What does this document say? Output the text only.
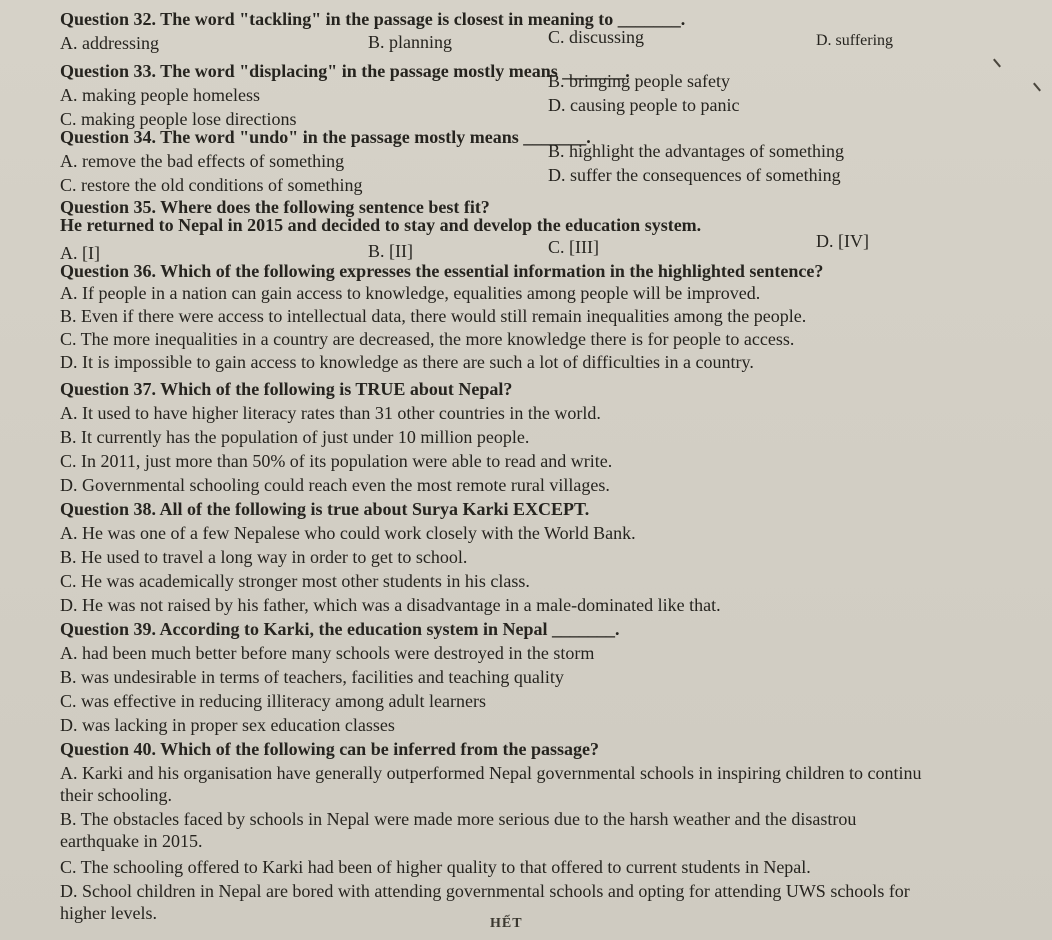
Question 32. The word "tackling" in the passage is closest in meaning to _______.
A. addressing	B. planning	C. discussing	D. suffering
Question 33. The word "displacing" in the passage mostly means _______.
A. making people homeless
B. bringing people safety
C. making people lose directions
D. causing people to panic
Question 34. The word "undo" in the passage mostly means _______.
A. remove the bad effects of something	B. highlight the advantages of something
C. restore the old conditions of something	D. suffer the consequences of something
Question 35. Where does the following sentence best fit?
He returned to Nepal in 2015 and decided to stay and develop the education system.
A. [I]	B. [II]	C. [III]	D. [IV]
Question 36. Which of the following expresses the essential information in the highlighted sentence?
A. If people in a nation can gain access to knowledge, equalities among people will be improved.
B. Even if there were access to intellectual data, there would still remain inequalities among the people.
C. The more inequalities in a country are decreased, the more knowledge there is for people to access.
D. It is impossible to gain access to knowledge as there are such a lot of difficulties in a country.
Question 37. Which of the following is TRUE about Nepal?
A. It used to have higher literacy rates than 31 other countries in the world.
B. It currently has the population of just under 10 million people.
C. In 2011, just more than 50% of its population were able to read and write.
D. Governmental schooling could reach even the most remote rural villages.
Question 38. All of the following is true about Surya Karki EXCEPT.
A. He was one of a few Nepalese who could work closely with the World Bank.
B. He used to travel a long way in order to get to school.
C. He was academically stronger most other students in his class.
D. He was not raised by his father, which was a disadvantage in a male-dominated like that.
Question 39. According to Karki, the education system in Nepal _______.
A. had been much better before many schools were destroyed in the storm
B. was undesirable in terms of teachers, facilities and teaching quality
C. was effective in reducing illiteracy among adult learners
D. was lacking in proper sex education classes
Question 40. Which of the following can be inferred from the passage?
A. Karki and his organisation have generally outperformed Nepal governmental schools in inspiring children to continu
their schooling.
B. The obstacles faced by schools in Nepal were made more serious due to the harsh weather and the disastrou
earthquake in 2015.
C. The schooling offered to Karki had been of higher quality to that offered to current students in Nepal.
D. School children in Nepal are bored with attending governmental schools and opting for attending UWS schools for
higher levels.
HẾT
